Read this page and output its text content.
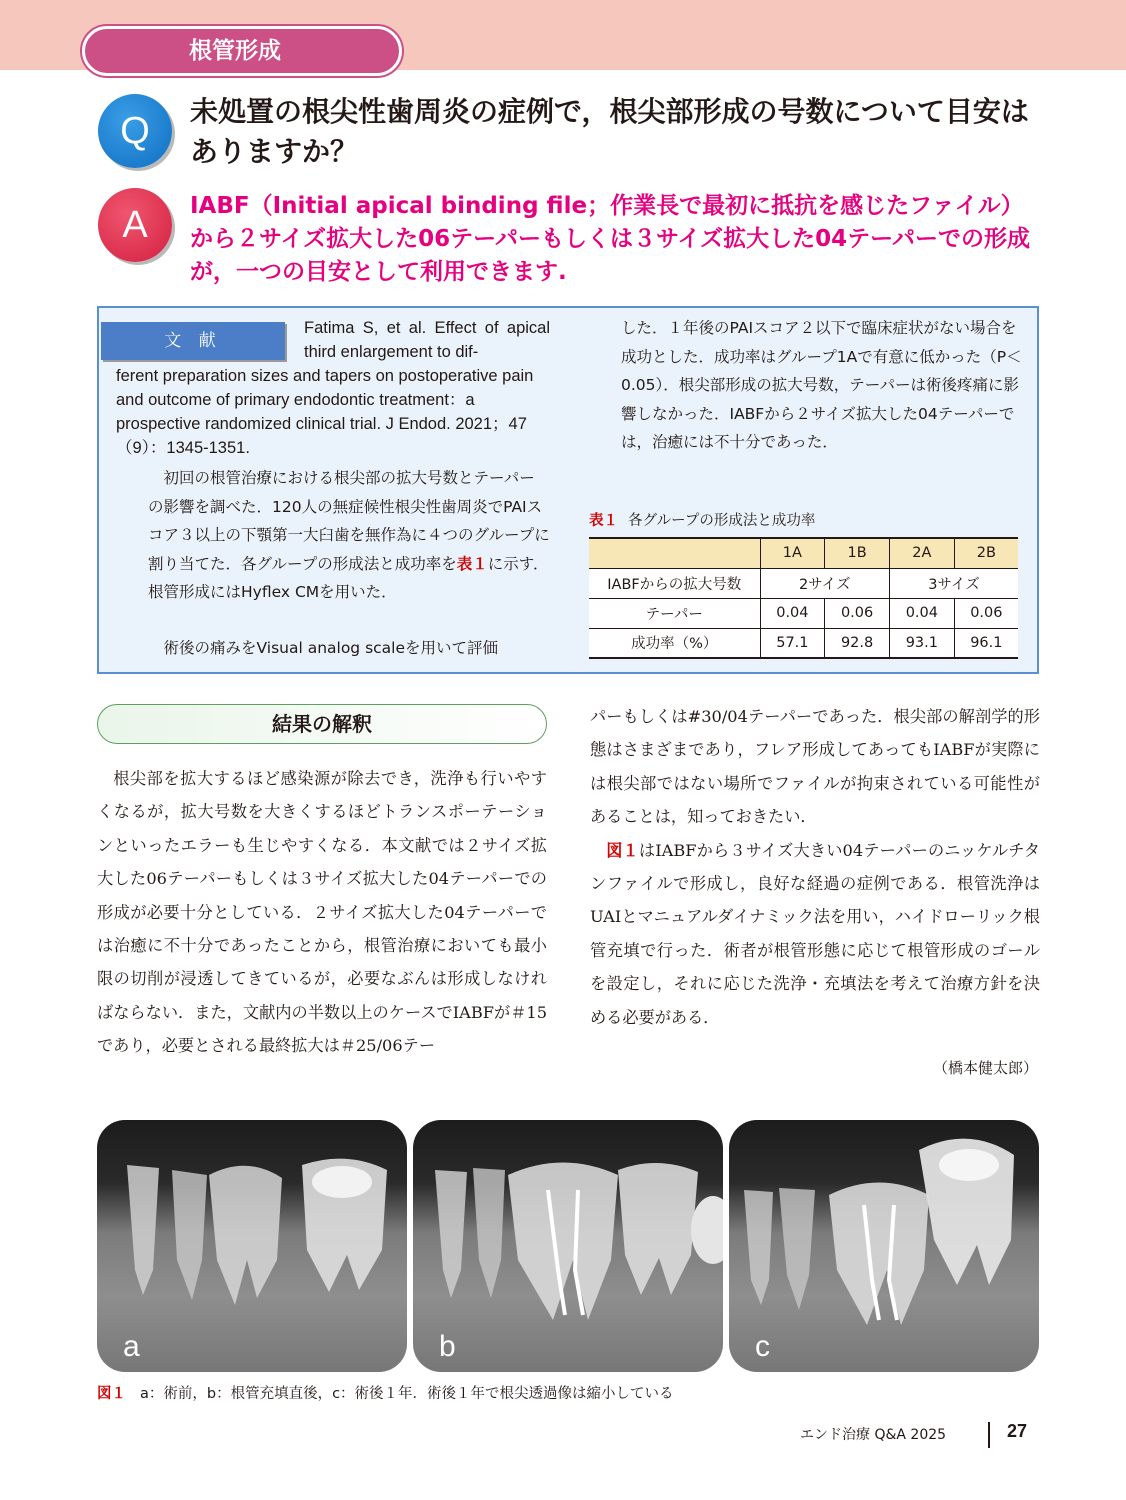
根管形成
Q	未処置の根尖性歯周炎の症例で，根尖部形成の号数について目安はありますか？
A	IABF（Initial apical binding file；作業長で最初に抵抗を感じたファイル）から２サイズ拡大した06テーパーもしくは３サイズ拡大した04テーパーでの形成が，一つの目安として利用できます.
文 献
Fatima S, et al. Effect of apical third enlargement to dif-
ferent preparation sizes and tapers on postoperative pain and outcome of primary endodontic treatment：a prospective randomized clinical trial. J Endod. 2021；47（9）：1345-1351.
初回の根管治療における根尖部の拡大号数とテーパーの影響を調べた．120人の無症候性根尖性歯周炎でPAIスコア３以上の下顎第一大臼歯を無作為に４つのグループに割り当てた．各グループの形成法と成功率を表１に示す．根管形成にはHyflex CMを用いた．
術後の痛みをVisual analog scaleを用いて評価
した．１年後のPAIスコア２以下で臨床症状がない場合を成功とした．成功率はグループ1Aで有意に低かった（P＜0.05）．根尖部形成の拡大号数，テーパーは術後疼痛に影響しなかった．IABFから２サイズ拡大した04テーパーでは，治癒には不十分であった．
表１ 各グループの形成法と成功率
	1A	1B	2A	2B
IABFからの拡大号数	2サイズ		3サイズ	
テーパー	0.04	0.06	0.04	0.06
成功率（%）	57.1	92.8	93.1	96.1
結果の解釈
根尖部を拡大するほど感染源が除去でき，洗浄も行いやすくなるが，拡大号数を大きくするほどトランスポーテーションといったエラーも生じやすくなる．本文献では２サイズ拡大した06テーパーもしくは３サイズ拡大した04テーパーでの形成が必要十分としている．２サイズ拡大した04テーパーでは治癒に不十分であったことから，根管治療においても最小限の切削が浸透してきているが，必要なぶんは形成しなければならない．また，文献内の半数以上のケースでIABFが＃15であり，必要とされる最終拡大は＃25/06テー

パーもしくは#30/04テーパーであった．根尖部の解剖学的形態はさまざまであり，フレア形成してあってもIABFが実際には根尖部ではない場所でファイルが拘束されている可能性があることは，知っておきたい．

図１はIABFから３サイズ大きい04テーパーのニッケルチタンファイルで形成し，良好な経過の症例である．根管洗浄はUAIとマニュアルダイナミック法を用い，ハイドローリック根管充填で行った．術者が根管形態に応じて根管形成のゴールを設定し，それに応じた洗浄・充填法を考えて治療方針を決める必要がある．

（橋本健太郎）
a	b	c
図１ a：術前，b：根管充填直後，c：術後１年．術後１年で根尖透過像は縮小している
エンド治療 Q&A 2025	27
